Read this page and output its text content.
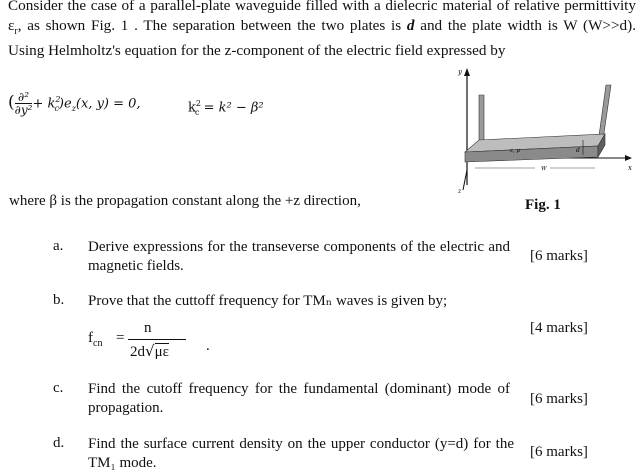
Consider the case of a parallel-plate waveguide filled with a dielecric material of relative permittivity $\varepsilon_r$, as shown Fig. 1 . The separation between the two plates is d and the plate width is W (W>>d). Using Helmholtz's equation for the z-component of the electric field expressed by
( $\frac{\text{∂²}}{\text{∂y²}} + k^2_c)e_z(x$, y) = 0,	$k^2_c = k^2 - \beta^2$
y
z
x
d
ε, μ
W
where β is the propagation constant along the +z direction,	Fig. 1
a. Derive expressions for the transeverse components of the electric and magnetic fields.
[6 marks]
b. Prove that the cuttoff frequency for TMₙ waves is given by;
[4 marks]
$f_{cn}$ =
n
2d√με .
c. Find the cutoff frequency for the fundamental (dominant) mode of propagation.
[6 marks]
d. Find the surface current density on the upper conductor (y=d) for the TM₁ mode.
[6 marks]
